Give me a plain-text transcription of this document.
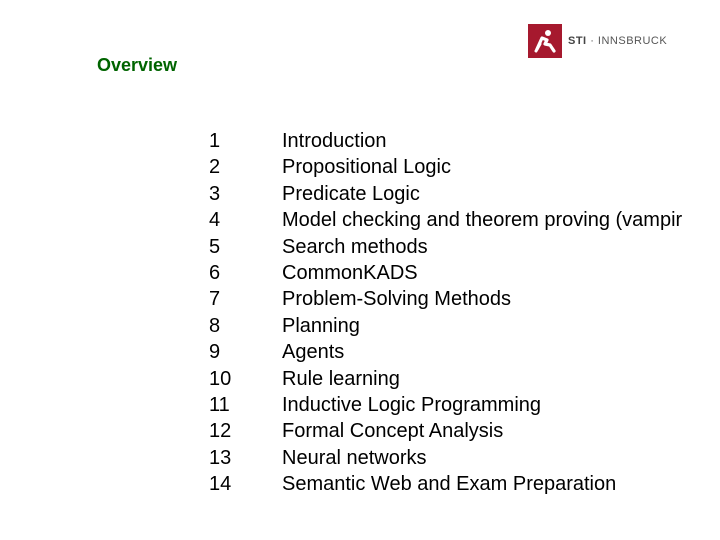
Overview
STI · INNSBRUCK
1	Introduction
2	Propositional Logic
3	Predicate Logic
4	Model checking and theorem proving (vampir
5	Search methods
6	CommonKADS
7	Problem-Solving Methods
8	Planning
9	Agents
10	Rule learning
11	Inductive Logic Programming
12	Formal Concept Analysis
13	Neural networks
14	Semantic Web and Exam Preparation
